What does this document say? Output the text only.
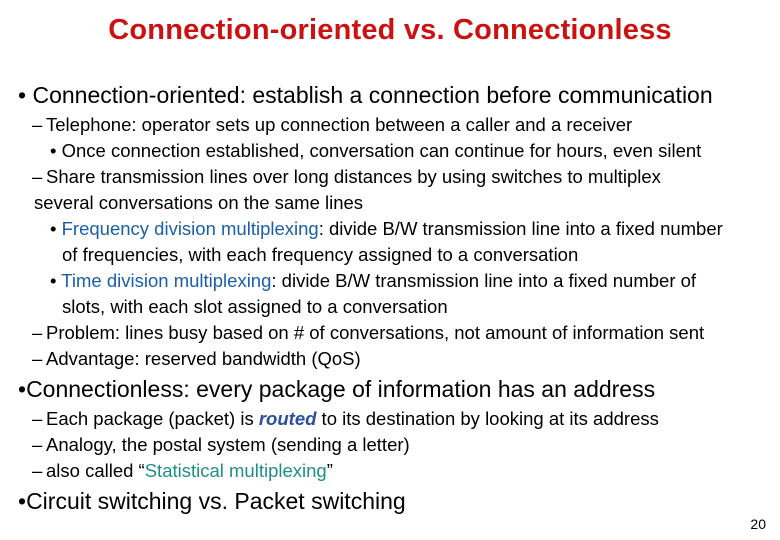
Connection-oriented vs. Connectionless
• Connection-oriented: establish a connection before communication
– Telephone: operator sets up connection between a caller and a receiver
• Once connection established, conversation can continue for hours, even silent
– Share transmission lines over long distances by using switches to multiplex
several conversations on the same lines
• Frequency division multiplexing: divide B/W transmission line into a fixed number
of frequencies, with each frequency assigned to a conversation
• Time division multiplexing: divide B/W transmission line into a fixed number of
slots, with each slot assigned to a conversation
– Problem: lines busy based on # of conversations, not amount of information sent
– Advantage: reserved bandwidth (QoS)
•Connectionless: every package of information has an address
– Each package (packet) is routed to its destination by looking at its address
– Analogy, the postal system (sending a letter)
– also called “Statistical multiplexing”
•Circuit switching vs. Packet switching
20
